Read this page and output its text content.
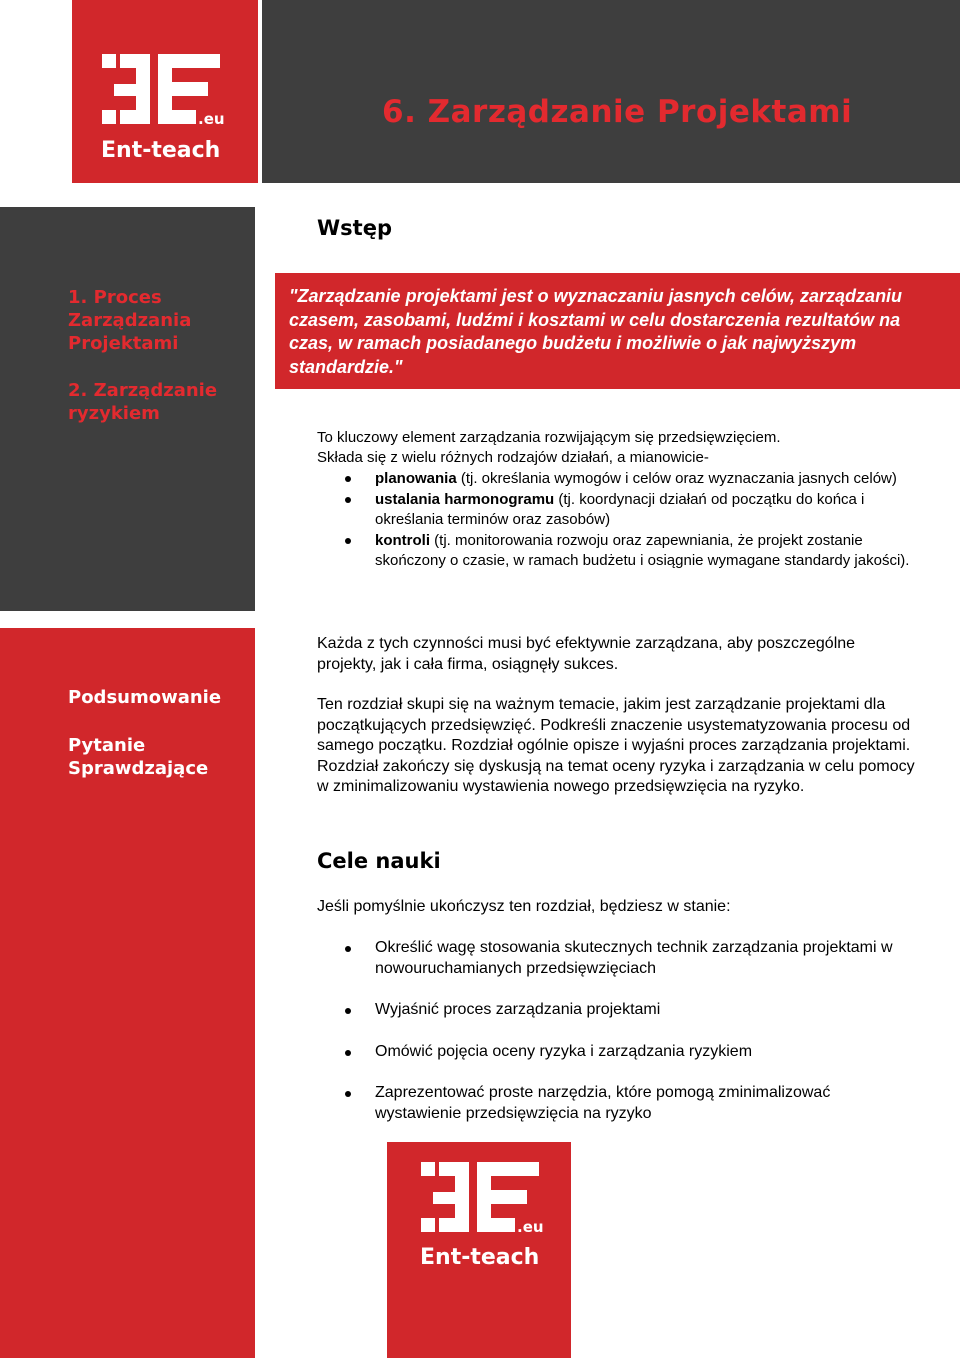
.eu
Ent-teach
6. Zarządzanie Projektami
1. Proces Zarządzania Projektami
2. Zarządzanie ryzykiem
Podsumowanie
Pytanie Sprawdzające
Wstęp
"Zarządzanie projektami jest o wyznaczaniu jasnych celów, zarządzaniu czasem, zasobami, ludźmi i kosztami w celu dostarczenia rezultatów na czas, w ramach posiadanego budżetu i możliwie o jak najwyższym standardzie."

To kluczowy element zarządzania rozwijającym się przedsięwzięciem.

Składa się z wielu różnych rodzajów działań, a mianowicie-

planowania (tj. określania wymogów i celów oraz wyznaczania jasnych celów)
ustalania harmonogramu (tj. koordynacji działań od początku do końca i określania terminów oraz zasobów)
kontroli (tj. monitorowania rozwoju oraz zapewniania, że projekt zostanie skończony o czasie, w ramach budżetu i osiągnie wymagane standardy jakości).

Każda z tych czynności musi być efektywnie zarządzana, aby poszczególne projekty, jak i cała firma, osiągnęły sukces.

Ten rozdział skupi się na ważnym temacie, jakim jest zarządzanie projektami dla początkujących przedsięwzięć. Podkreśli znaczenie usystematyzowania procesu od samego początku. Rozdział ogólnie opisze i wyjaśni proces zarządzania projektami. Rozdział zakończy się dyskusją na temat oceny ryzyka i zarządzania w celu pomocy w zminimalizowaniu wystawienia nowego przedsięwzięcia na ryzyko.

Cele nauki

Jeśli pomyślnie ukończysz ten rozdział, będziesz w stanie:

Określić wagę stosowania skutecznych technik zarządzania projektami w nowouruchamianych przedsięwzięciach
Wyjaśnić proces zarządzania projektami
Omówić pojęcia oceny ryzyka i zarządzania ryzykiem
Zaprezentować proste narzędzia, które pomogą zminimalizować wystawienie przedsięwzięcia na ryzyko
.eu
Ent-teach
